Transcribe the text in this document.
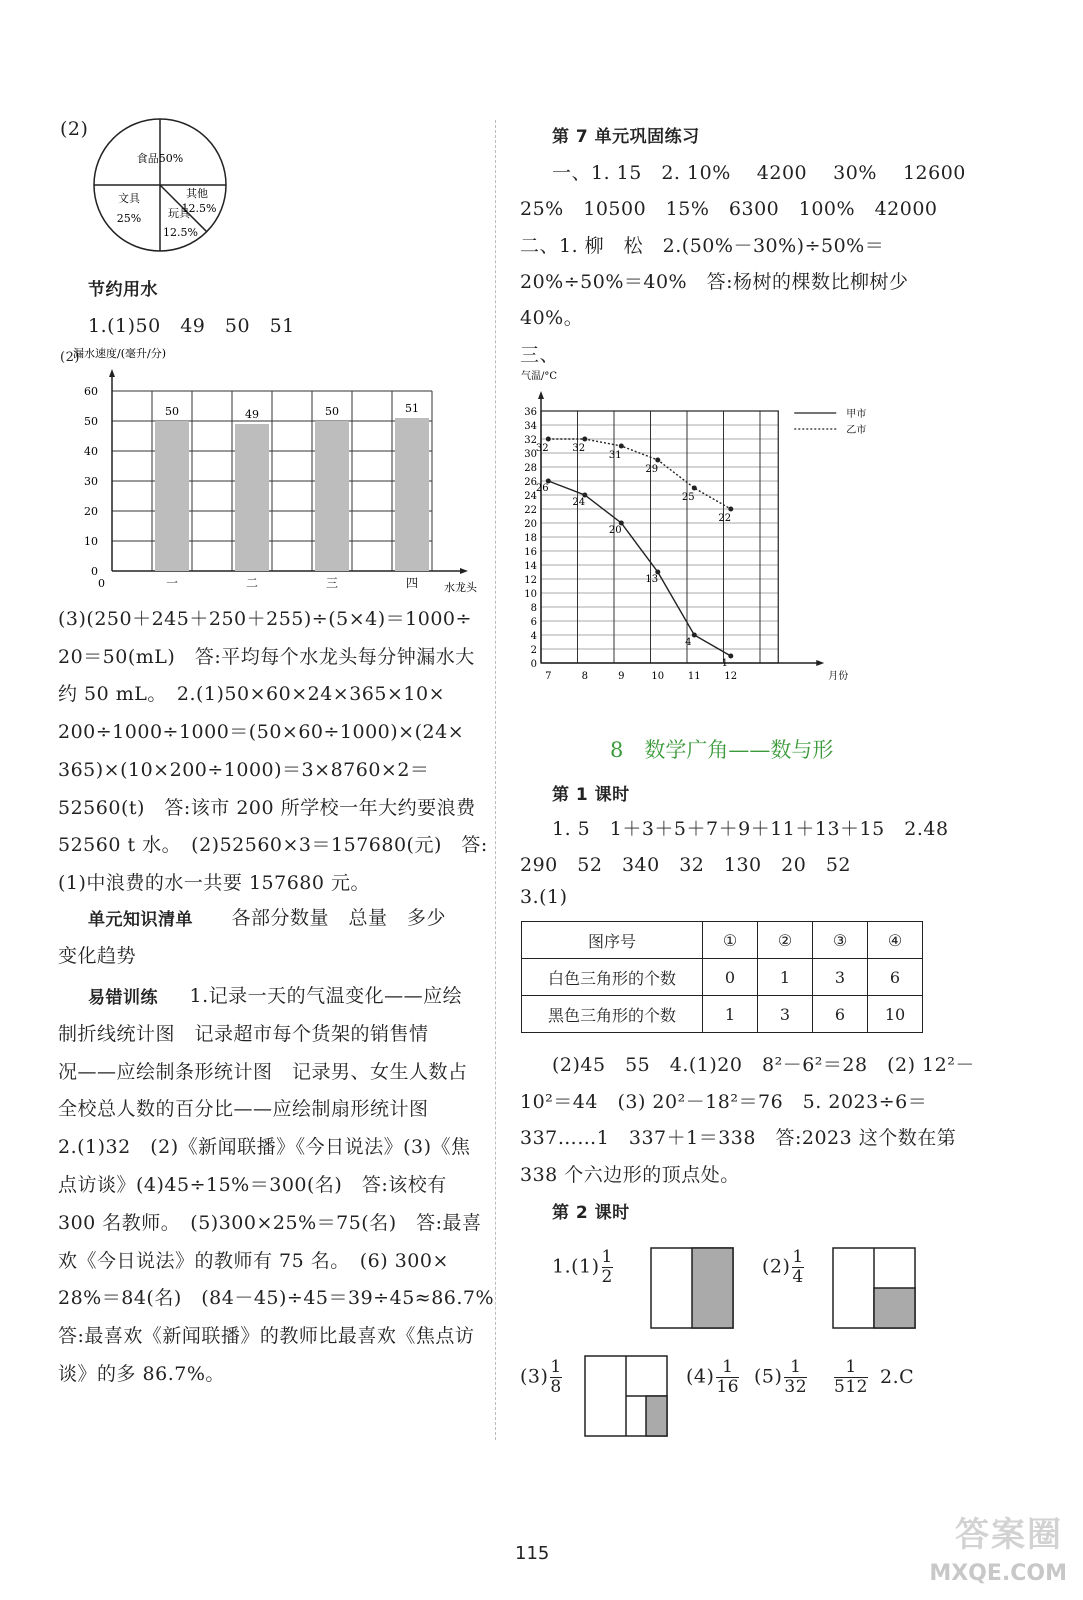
(2)
食品50%
文具
25% 玩具
12.5%
其他
12.5%
节约用水
1.(1)50　49　50　51
(2)
0
10
20
30
40
50
60
漏水速度/(毫升/分)
水龙头
50
一
49
二
50
三
51
四
0
(3)(250＋245＋250＋255)÷(5×4)＝1000÷
20＝50(mL)　答:平均每个水龙头每分钟漏水大
约 50 mL。　2.(1)50×60×24×365×10×
200÷1000÷1000＝(50×60÷1000)×(24×
365)×(10×200÷1000)＝3×8760×2＝
52560(t)　答:该市 200 所学校一年大约要浪费
52560 t 水。　(2)52560×3＝157680(元)　答:
(1)中浪费的水一共要 157680 元。
单元知识清单 　各部分数量　总量　多少
变化趋势
易错训练 　1.记录一天的气温变化——应绘
制折线统计图　记录超市每个货架的销售情
况——应绘制条形统计图　记录男、女生人数占
全校总人数的百分比——应绘制扇形统计图
2.(1)32　(2)《新闻联播》《今日说法》(3)《焦
点访谈》(4)45÷15%＝300(名)　答:该校有
300 名教师。　(5)300×25%＝75(名)　答:最喜
欢《今日说法》的教师有 75 名。　(6) 300×
28%＝84(名)　(84－45)÷45＝39÷45≈86.7%
答:最喜欢《新闻联播》的教师比最喜欢《焦点访
谈》的多 86.7%。
第 7 单元巩固练习
一、1. 15　2. 10%　 4200　 30%　 12600
25%　10500　15%　6300　100%　42000
二、1. 柳　松　2.(50%－30%)÷50%＝
20%÷50%＝40%　答:杨树的棵数比柳树少
40%。
三、
0
2
4
6
8
10
12
14
16
18
20
22
24
26
28
30
32
34
36
气温/°C
月份
7	8	9	10 11 12
26
24
20
13
4
1
32 32
31
29
25
22
甲市
乙市
8　数学广角——数与形
第 1 课时
1. 5　1＋3＋5＋7＋9＋11＋13＋15　2.48
290　52　340　32　130　20　52
3.(1)
图序号	①	②	③	④
白色三角形的个数	0	1	3	6
黑色三角形的个数	1	3	6	10
(2)45　55　4.(1)20　8²－6²＝28　(2) 12²－
10²＝44　(3) 20²－18²＝76　5. 2023÷6＝
337……1　337＋1＝338　答:2023 这个数在第
338 个六边形的顶点处。
第 2 课时
$1.(1) \frac{1}{2}$	$(2) \frac{1}{4}$
$(3) \frac{1}{8}$	$(4) \frac{1}{16} (5) \frac{1}{32} \frac{1}{512} 2.C$
115	答案圈
MXQE.COM
